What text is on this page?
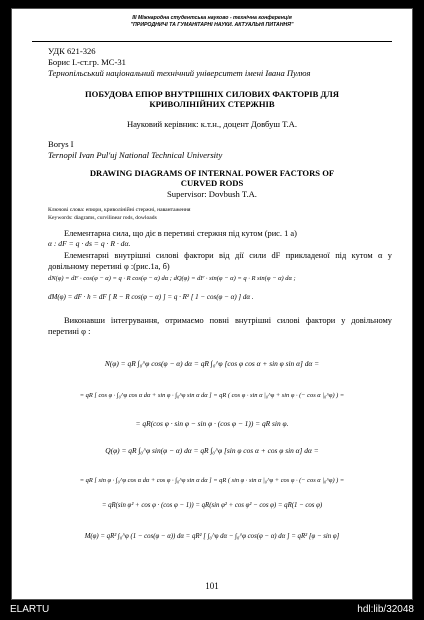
ІІІ Міжнародна студентська науково - технічна конференція
"ПРИРОДНИЧІ ТА ГУМАНІТАРНІ НАУКИ. АКТУАЛЬНІ ПИТАННЯ"
УДК 621-326
Борис І.-ст.гр. МС-31
Тернопільський національний технічний університет імені Івана Пулюя
ПОБУДОВА ЕПЮР ВНУТРІШНІХ СИЛОВИХ ФАКТОРІВ ДЛЯ
КРИВОЛІНІЙНИХ СТЕРЖНІВ
Науковий керівник: к.т.н., доцент Довбуш Т.А.
Borys I
Ternopil Ivan Pul'uj National Technical University
DRAWING DIAGRAMS OF INTERNAL POWER FACTORS OF
CURVED RODS
Supervisor: Dovbush T.A.
Ключові слова: епюри, криволінійні стержні, навантаження
Keywords: diagrams, curvilinear rods, dowloads
Елементарна сила, що діє в перетині стержня під кутом (рис. 1 а)
α : dF = q · ds = q · R · dα.
Елементарні внутрішні силові фактори від дії сили dF прикладеної під кутом α у довільному перетині φ :(рис.1а, б)
dN(φ) = dF · cos(φ − α) = q · R cos(φ − α) dα ; dQ(φ) = dF · sin(φ − α) = q · R sin(φ − α) dα ;
dM(φ) = dF · h = dF [ R − R cos(φ − α) ] = q · R² [ 1 − cos(φ − α) ] dα .
Виконавши інтегрування, отримаємо повні внутрішні силові фактори у довільному перетині φ :
N(φ) = qR ∫₀^φ cos(φ − α) dα = qR ∫₀^φ [cos φ cos α + sin φ sin α] dα =
= qR [ cos φ · ∫₀^φ cos α dα + sin φ · ∫₀^φ sin α dα ] = qR ( cos φ · sin α |₀^φ + sin φ · (− cos α |₀^φ) ) =
= qR(cos φ · sin φ − sin φ · (cos φ − 1)) = qR sin φ.
Q(φ) = qR ∫₀^φ sin(φ − α) dα = qR ∫₀^φ [sin φ cos α + cos φ sin α] dα =
= qR [ sin φ · ∫₀^φ cos α dα + cos φ · ∫₀^φ sin α dα ] = qR ( sin φ · sin α |₀^φ + cos φ · (− cos α |₀^φ) ) =
= qR(sin φ² + cos φ · (cos φ − 1)) = qR(sin φ² + cos φ² − cos φ) = qR(1 − cos φ)
M(φ) = qR² ∫₀^φ (1 − cos(φ − α)) dα = qR² [ ∫₀^φ dα − ∫₀^φ cos(φ − α) dα ] = qR² [φ − sin φ]
101
ELARTU	hdl:lib/32048
